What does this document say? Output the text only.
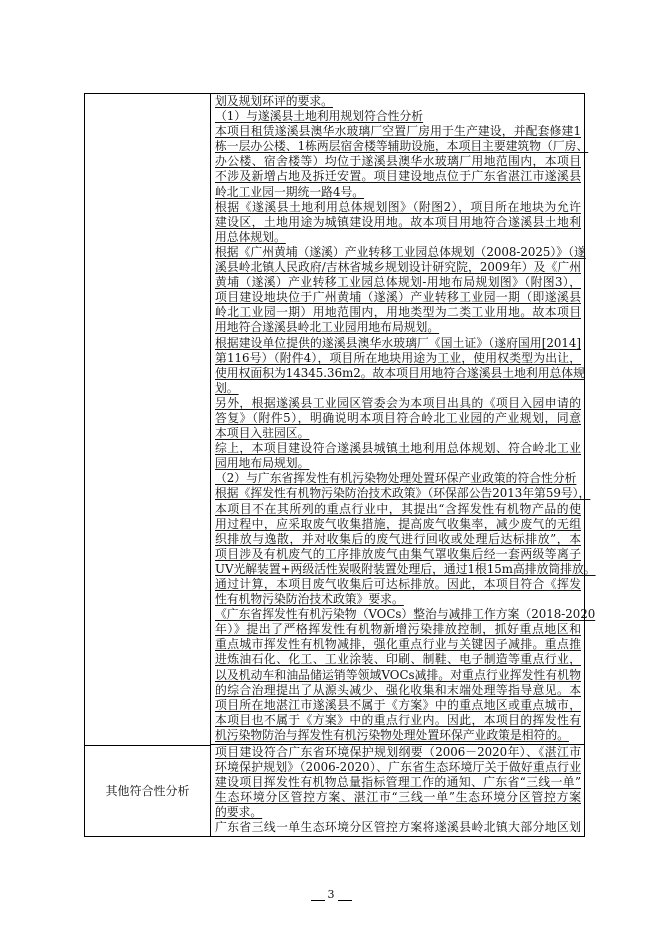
其他符合性分析
划及规划环评的要求。
（1）与遂溪县土地利用规划符合性分析
本项目租赁遂溪县澳华水玻璃厂空置厂房用于生产建设，并配套修建1
栋一层办公楼、1栋两层宿舍楼等辅助设施，本项目主要建筑物（厂房、
办公楼、宿舍楼等）均位于遂溪县澳华水玻璃厂用地范围内，本项目
不涉及新增占地及拆迁安置。项目建设地点位于广东省湛江市遂溪县
岭北工业园一期统一路4号。
根据《遂溪县土地利用总体规划图》（附图2），项目所在地块为允许
建设区，土地用途为城镇建设用地。故本项目用地符合遂溪县土地利
用总体规划。
根据《广州黄埔（遂溪）产业转移工业园总体规划（2008-2025）》（遂
溪县岭北镇人民政府/吉林省城乡规划设计研究院，2009年）及《广州
黄埔（遂溪）产业转移工业园总体规划-用地布局规划图》（附图3），
项目建设地块位于广州黄埔（遂溪）产业转移工业园一期（即遂溪县
岭北工业园一期）用地范围内，用地类型为二类工业用地。故本项目
用地符合遂溪县岭北工业园用地布局规划。
根据建设单位提供的遂溪县澳华水玻璃厂《国土证》（遂府国用[2014]
第116号）（附件4），项目所在地块用途为工业，使用权类型为出让，
使用权面积为14345.36m2。故本项目用地符合遂溪县土地利用总体规
划。
另外，根据遂溪县工业园区管委会为本项目出具的《项目入园申请的
答复》（附件5），明确说明本项目符合岭北工业园的产业规划，同意
本项目入驻园区。
综上，本项目建设符合遂溪县城镇土地利用总体规划、符合岭北工业
园用地布局规划。
（2）与广东省挥发性有机污染物处理处置环保产业政策的符合性分析
根据《挥发性有机物污染防治技术政策》（环保部公告2013年第59号），
本项目不在其所列的重点行业中，其提出“含挥发性有机物产品的使
用过程中，应采取废气收集措施，提高废气收集率，减少废气的无组
织排放与逸散，并对收集后的废气进行回收或处理后达标排放”，本
项目涉及有机废气的工序排放废气由集气罩收集后经一套两级等离子
UV光解装置+两级活性炭吸附装置处理后，通过1根15m高排放筒排放。
通过计算，本项目废气收集后可达标排放。因此，本项目符合《挥发
性有机物污染防治技术政策》要求。
《广东省挥发性有机污染物（VOCs）整治与减排工作方案（2018-2020
年）》提出了严格挥发性有机物新增污染排放控制，抓好重点地区和
重点城市挥发性有机物减排，强化重点行业与关键因子减排。重点推
进炼油石化、化工、工业涂装、印刷、制鞋、电子制造等重点行业，
以及机动车和油品储运销等领域VOCs减排。对重点行业挥发性有机物
的综合治理提出了从源头减少、强化收集和末端处理等指导意见。本
项目所在地湛江市遂溪县不属于《方案》中的重点地区或重点城市，
本项目也不属于《方案》中的重点行业内。因此，本项目的挥发性有
机污染物防治与挥发性有机污染物处理处置环保产业政策是相符的。
项目建设符合广东省环境保护规划纲要（2006－2020年）、《湛江市
环境保护规划》（2006-2020）、广东省生态环境厅关于做好重点行业
建设项目挥发性有机物总量指标管理工作的通知、广东省“三线一单”
生态环境分区管控方案、湛江市“三线一单”生态环境分区管控方案
的要求。
广东省三线一单生态环境分区管控方案将遂溪县岭北镇大部分地区划
3
